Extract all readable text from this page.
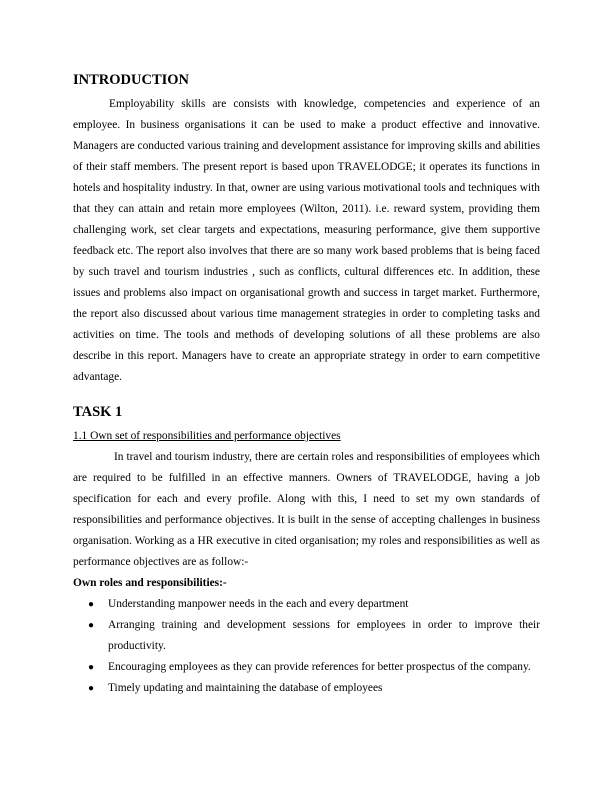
INTRODUCTION

Employability skills are consists with knowledge, competencies and experience of an employee. In business organisations it can be used to make a product effective and innovative. Managers are conducted various training and development assistance for improving skills and abilities of their staff members. The present report is based upon TRAVELODGE; it operates its functions in hotels and hospitality industry. In that, owner are using various motivational tools and techniques with that they can attain and retain more employees (Wilton, 2011). i.e. reward system, providing them challenging work, set clear targets and expectations, measuring performance, give them supportive feedback etc. The report also involves that there are so many work based problems that is being faced by such travel and tourism industries , such as conflicts, cultural differences etc. In addition, these issues and problems also impact on organisational growth and success in target market. Furthermore, the report also discussed about various time management strategies in order to completing tasks and activities on time. The tools and methods of developing solutions of all these problems are also describe in this report. Managers have to create an appropriate strategy in order to earn competitive advantage.

TASK 1

1.1 Own set of responsibilities and performance objectives

In travel and tourism industry, there are certain roles and responsibilities of employees which are required to be fulfilled in an effective manners. Owners of TRAVELODGE, having a job specification for each and every profile. Along with this, I need to set my own standards of responsibilities and performance objectives. It is built in the sense of accepting challenges in business organisation. Working as a HR executive in cited organisation; my roles and responsibilities as well as performance objectives are as follow:-

Own roles and responsibilities:-

● Understanding manpower needs in the each and every department
● Arranging training and development sessions for employees in order to improve their productivity.
● Encouraging employees as they can provide references for better prospectus of the company.
● Timely updating and maintaining the database of employees
